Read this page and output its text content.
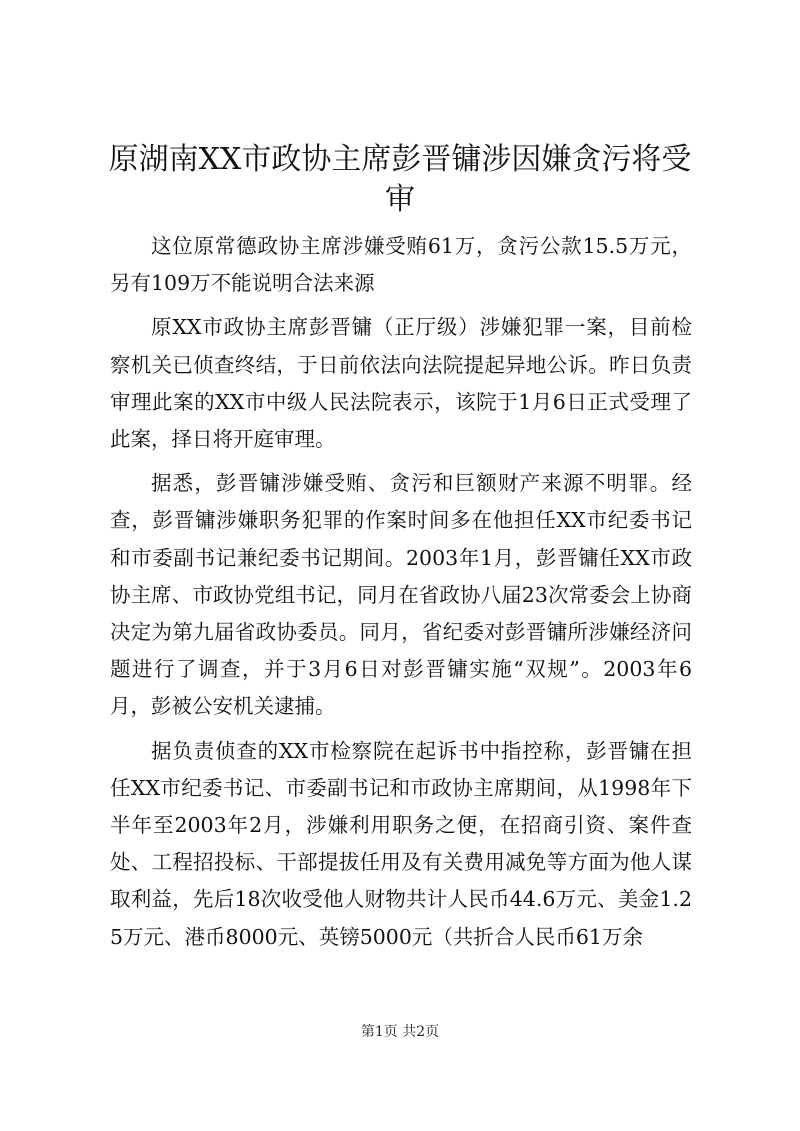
原湖南XX市政协主席彭晋镛涉因嫌贪污将受审

这位原常德政协主席涉嫌受贿61万，贪污公款15.5万元，另有109万不能说明合法来源

原XX市政协主席彭晋镛（正厅级）涉嫌犯罪一案，目前检察机关已侦查终结，于日前依法向法院提起异地公诉。昨日负责审理此案的XX市中级人民法院表示，该院于1月6日正式受理了此案，择日将开庭审理。

据悉，彭晋镛涉嫌受贿、贪污和巨额财产来源不明罪。经查，彭晋镛涉嫌职务犯罪的作案时间多在他担任XX市纪委书记和市委副书记兼纪委书记期间。2003年1月，彭晋镛任XX市政协主席、市政协党组书记，同月在省政协八届23次常委会上协商决定为第九届省政协委员。同月，省纪委对彭晋镛所涉嫌经济问题进行了调查，并于3月6日对彭晋镛实施“双规”。2003年6月，彭被公安机关逮捕。

据负责侦查的XX市检察院在起诉书中指控称，彭晋镛在担任XX市纪委书记、市委副书记和市政协主席期间，从1998年下半年至2003年2月，涉嫌利用职务之便，在招商引资、案件查处、工程招投标、干部提拔任用及有关费用减免等方面为他人谋取利益，先后18次收受他人财物共计人民币44.6万元、美金1.25万元、港币8000元、英镑5000元（共折合人民币61万余

第1页 共2页
